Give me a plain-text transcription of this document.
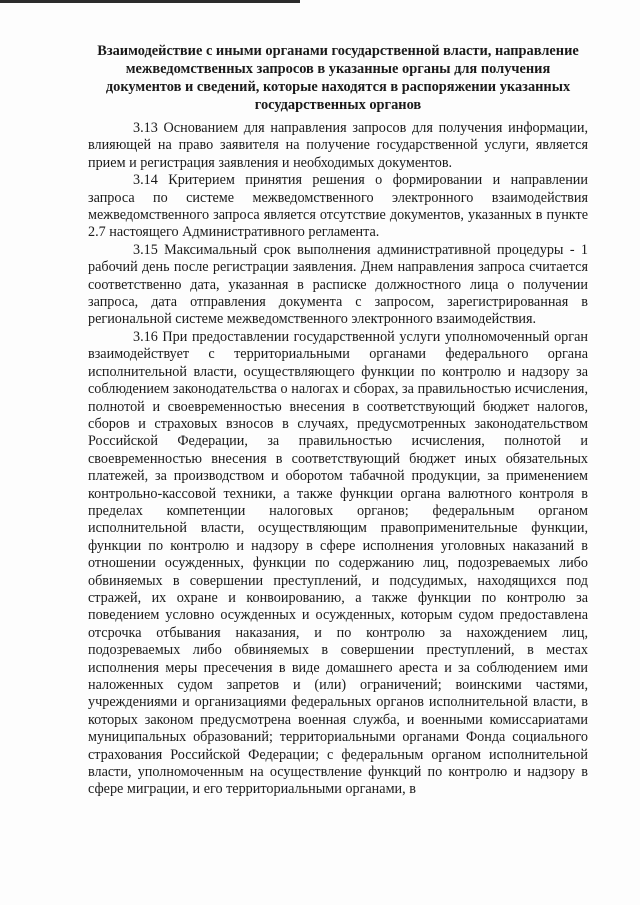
Взаимодействие с иными органами государственной власти, направление межведомственных запросов в указанные органы для получения документов и сведений, которые находятся в распоряжении указанных государственных органов

3.13 Основанием для направления запросов для получения информации, влияющей на право заявителя на получение государственной услуги, является прием и регистрация заявления и необходимых документов.

3.14 Критерием принятия решения о формировании и направлении запроса по системе межведомственного электронного взаимодействия межведомственного запроса является отсутствие документов, указанных в пункте 2.7 настоящего Административного регламента.

3.15 Максимальный срок выполнения административной процедуры - 1 рабочий день после регистрации заявления. Днем направления запроса считается соответственно дата, указанная в расписке должностного лица о получении запроса, дата отправления документа с запросом, зарегистрированная в региональной системе межведомственного электронного взаимодействия.

3.16 При предоставлении государственной услуги уполномоченный орган взаимодействует с территориальными органами федерального органа исполнительной власти, осуществляющего функции по контролю и надзору за соблюдением законодательства о налогах и сборах, за правильностью исчисления, полнотой и своевременностью внесения в соответствующий бюджет налогов, сборов и страховых взносов в случаях, предусмотренных законодательством Российской Федерации, за правильностью исчисления, полнотой и своевременностью внесения в соответствующий бюджет иных обязательных платежей, за производством и оборотом табачной продукции, за применением контрольно-кассовой техники, а также функции органа валютного контроля в пределах компетенции налоговых органов; федеральным органом исполнительной власти, осуществляющим правоприменительные функции, функции по контролю и надзору в сфере исполнения уголовных наказаний в отношении осужденных, функции по содержанию лиц, подозреваемых либо обвиняемых в совершении преступлений, и подсудимых, находящихся под стражей, их охране и конвоированию, а также функции по контролю за поведением условно осужденных и осужденных, которым судом предоставлена отсрочка отбывания наказания, и по контролю за нахождением лиц, подозреваемых либо обвиняемых в совершении преступлений, в местах исполнения меры пресечения в виде домашнего ареста и за соблюдением ими наложенных судом запретов и (или) ограничений; воинскими частями, учреждениями и организациями федеральных органов исполнительной власти, в которых законом предусмотрена военная служба, и военными комиссариатами муниципальных образований; территориальными органами Фонда социального страхования Российской Федерации; с федеральным органом исполнительной власти, уполномоченным на осуществление функций по контролю и надзору в сфере миграции, и его территориальными органами, в
